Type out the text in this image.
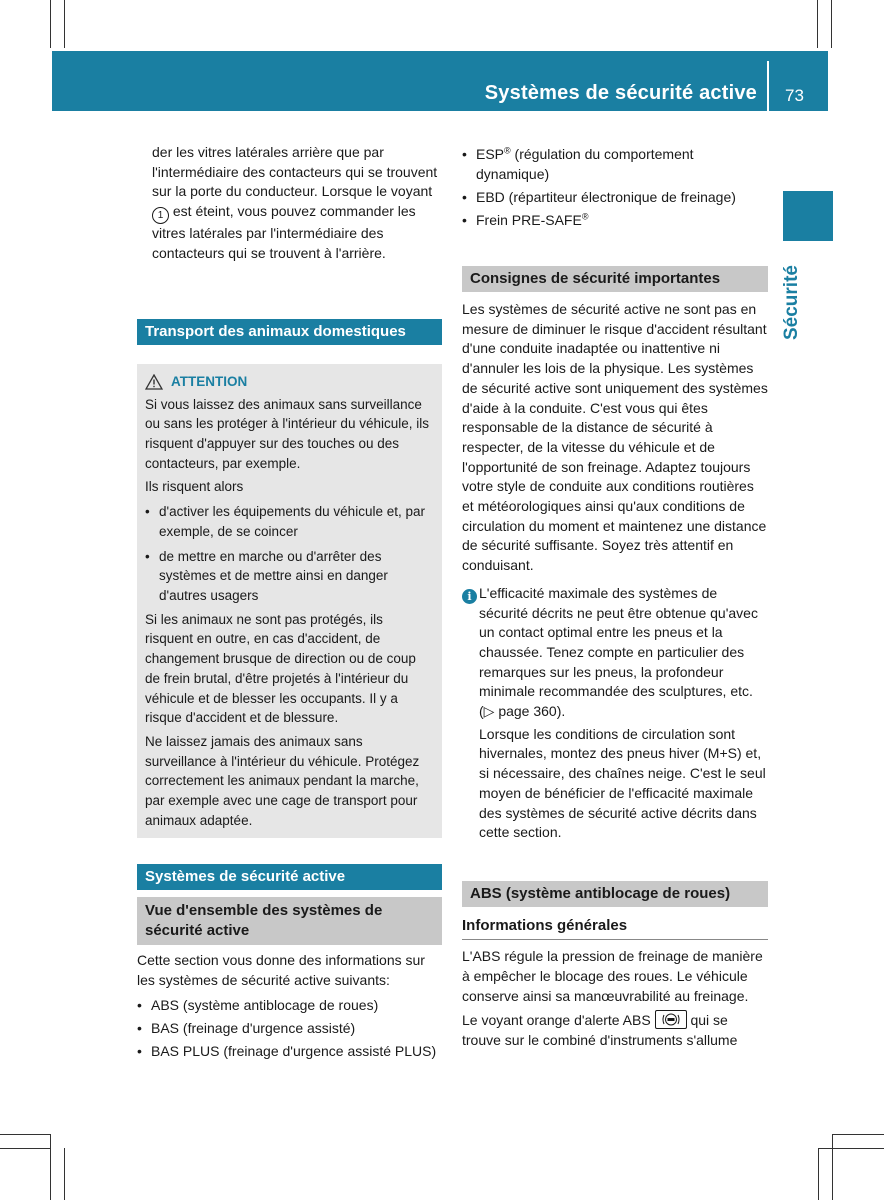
Systèmes de sécurité active 73
Sécurité

der les vitres latérales arrière que par l'intermédiaire des contacteurs qui se trouvent sur la porte du conducteur. Lorsque le voyant 1 est éteint, vous pouvez commander les vitres latérales par l'intermédiaire des contacteurs qui se trouvent à l'arrière.

Transport des animaux domestiques
ATTENTION

Si vous laissez des animaux sans surveillance ou sans les protéger à l'intérieur du véhicule, ils risquent d'appuyer sur des touches ou des contacteurs, par exemple.

Ils risquent alors

• d'activer les équipements du véhicule et, par exemple, de se coincer
• de mettre en marche ou d'arrêter des systèmes et de mettre ainsi en danger d'autres usagers

Si les animaux ne sont pas protégés, ils risquent en outre, en cas d'accident, de changement brusque de direction ou de coup de frein brutal, d'être projetés à l'intérieur du véhicule et de blesser les occupants. Il y a risque d'accident et de blessure.

Ne laissez jamais des animaux sans surveillance à l'intérieur du véhicule. Protégez correctement les animaux pendant la marche, par exemple avec une cage de transport pour animaux adaptée.

Systèmes de sécurité active
Vue d'ensemble des systèmes de sécurité active

Cette section vous donne des informations sur les systèmes de sécurité active suivants:

• ABS (système antiblocage de roues)
• BAS (freinage d'urgence assisté)
• BAS PLUS (freinage d'urgence assisté PLUS)
• ESP® (régulation du comportement dynamique)
• EBD (répartiteur électronique de freinage)
• Frein PRE-SAFE®
Consignes de sécurité importantes

Les systèmes de sécurité active ne sont pas en mesure de diminuer le risque d'accident résultant d'une conduite inadaptée ou inattentive ni d'annuler les lois de la physique. Les systèmes de sécurité active sont uniquement des systèmes d'aide à la conduite. C'est vous qui êtes responsable de la distance de sécurité à respecter, de la vitesse du véhicule et de l'opportunité de son freinage. Adaptez toujours votre style de conduite aux conditions routières et météorologiques ainsi qu'aux conditions de circulation du moment et maintenez une distance de sécurité suffisante. Soyez très attentif en conduisant.

i L'efficacité maximale des systèmes de sécurité décrits ne peut être obtenue qu'avec un contact optimal entre les pneus et la chaussée. Tenez compte en particulier des remarques sur les pneus, la profondeur minimale recommandée des sculptures, etc. (▷ page 360).

Lorsque les conditions de circulation sont hivernales, montez des pneus hiver (M+S) et, si nécessaire, des chaînes neige. C'est le seul moyen de bénéficier de l'efficacité maximale des systèmes de sécurité active décrits dans cette section.

ABS (système antiblocage de roues)
Informations générales

L'ABS régule la pression de freinage de manière à empêcher le blocage des roues. Le véhicule conserve ainsi sa manœuvrabilité au freinage.

Le voyant orange d'alerte ABS	qui se trouve sur le combiné d'instruments s'allume
